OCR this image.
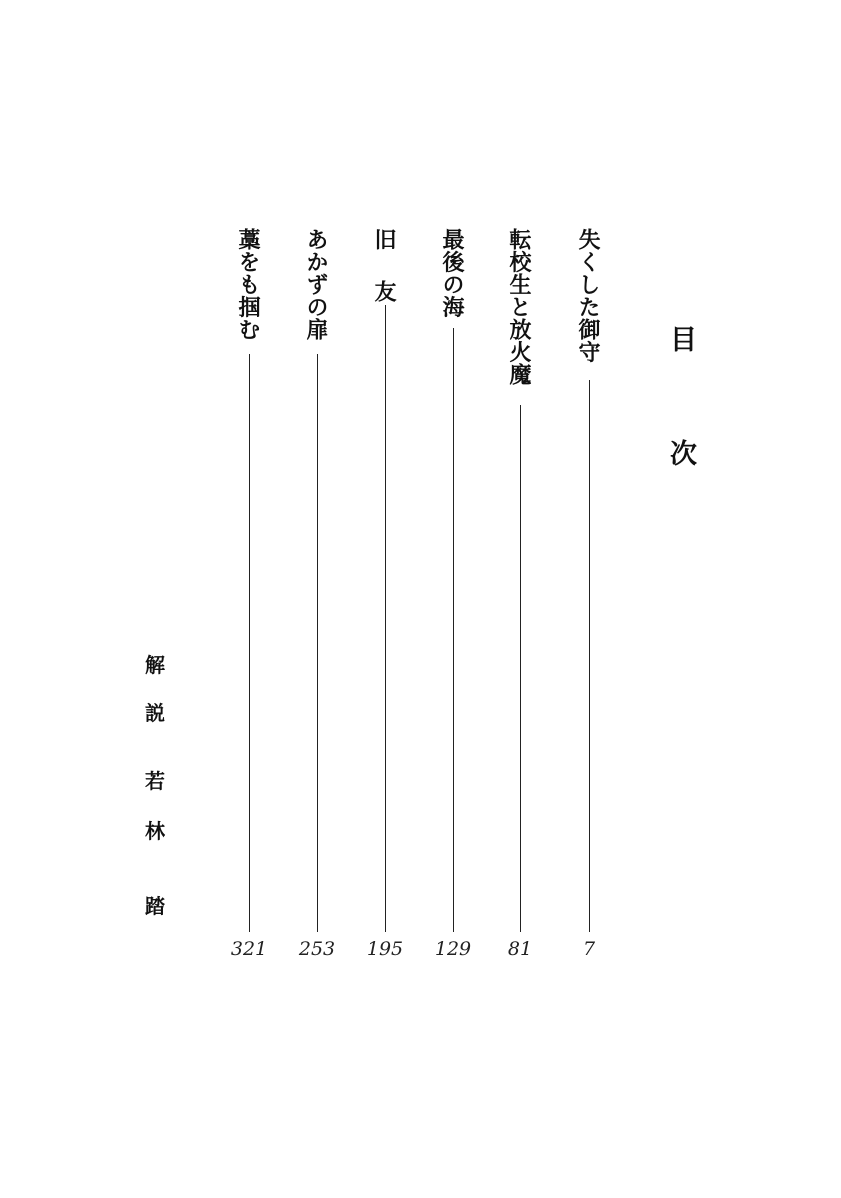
目
次
失くした御守
7
転校生と放火魔
81
最後の海
129
旧　友
195
あかずの扉
253
藁をも掴む
321
解
説
若
林
踏
